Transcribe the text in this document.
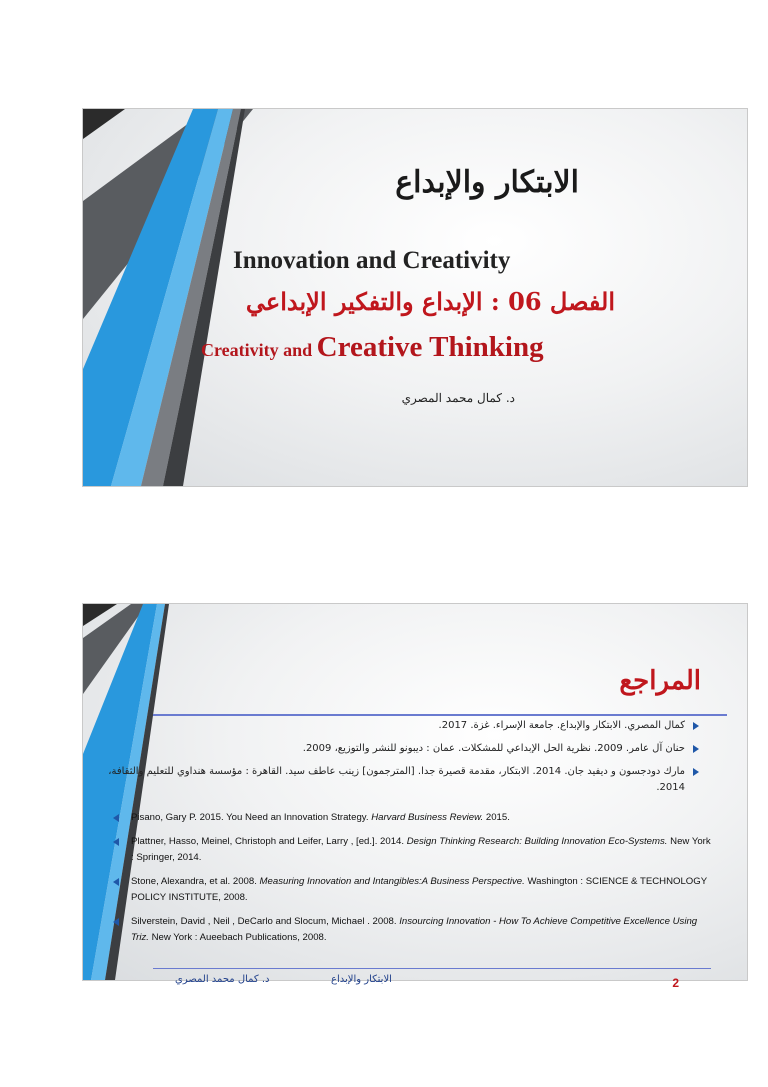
الابتكار والإبداع
Innovation and Creativity
الفصل 06 : الإبداع والتفكير الإبداعي
Creativity and Creative Thinking
د. كمال محمد المصري
المراجع
كمال المصري. الابتكار والإبداع. جامعة الإسراء. غزة. 2017.
حنان آل عامر. 2009. نظرية الحل الإبداعي للمشكلات. عمان : ديبونو للنشر والتوزيع، 2009.
مارك دودجسون و ديفيد جان. 2014. الابتكار، مقدمة قصيرة جدا. [المترجمون] زينب عاطف سيد. القاهرة : مؤسسة هنداوي للتعليم والثقافة، 2014.
Pisano, Gary P. 2015. You Need an Innovation Strategy. Harvard Business Review. 2015.
Plattner, Hasso, Meinel, Christoph and Leifer, Larry , [ed.]. 2014. Design Thinking Research: Building Innovation Eco-Systems. New York : Springer, 2014.
Stone, Alexandra, et al. 2008. Measuring Innovation and Intangibles:A Business Perspective. Washington : SCIENCE & TECHNOLOGY POLICY INSTITUTE, 2008.
Silverstein, David , Neil , DeCarlo and Slocum, Michael . 2008. Insourcing Innovation - How To Achieve Competitive Excellence Using Triz. New York : Aueebach Publications, 2008.
د. كمال محمد المصري	الابتكار والإبداع	2
